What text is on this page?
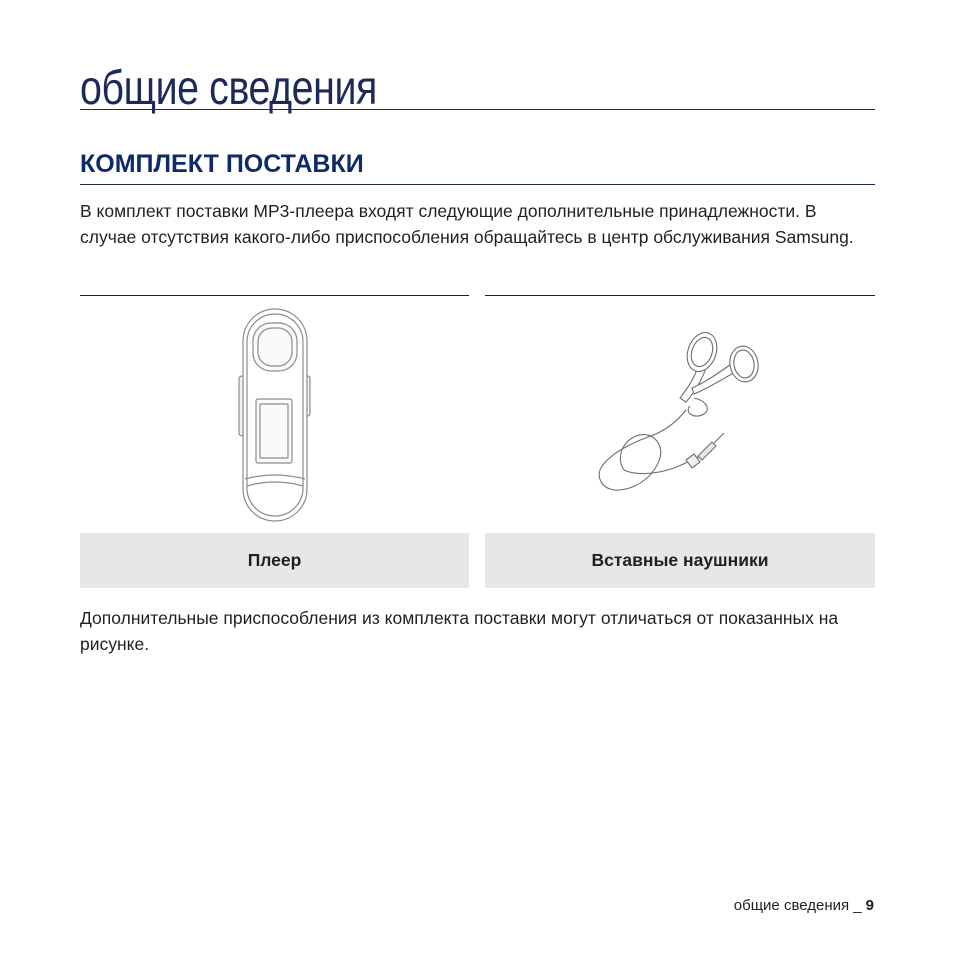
общие сведения
КОМПЛЕКТ ПОСТАВКИ

В комплект поставки MP3-плеера входят следующие дополнительные принадлежности. В случае отсутствия какого-либо приспособления обращайтесь в центр обслуживания Samsung.

Плеер	Вставные наушники

Дополнительные приспособления из комплекта поставки могут отличаться от показанных на рисунке.

общие сведения _ 9
